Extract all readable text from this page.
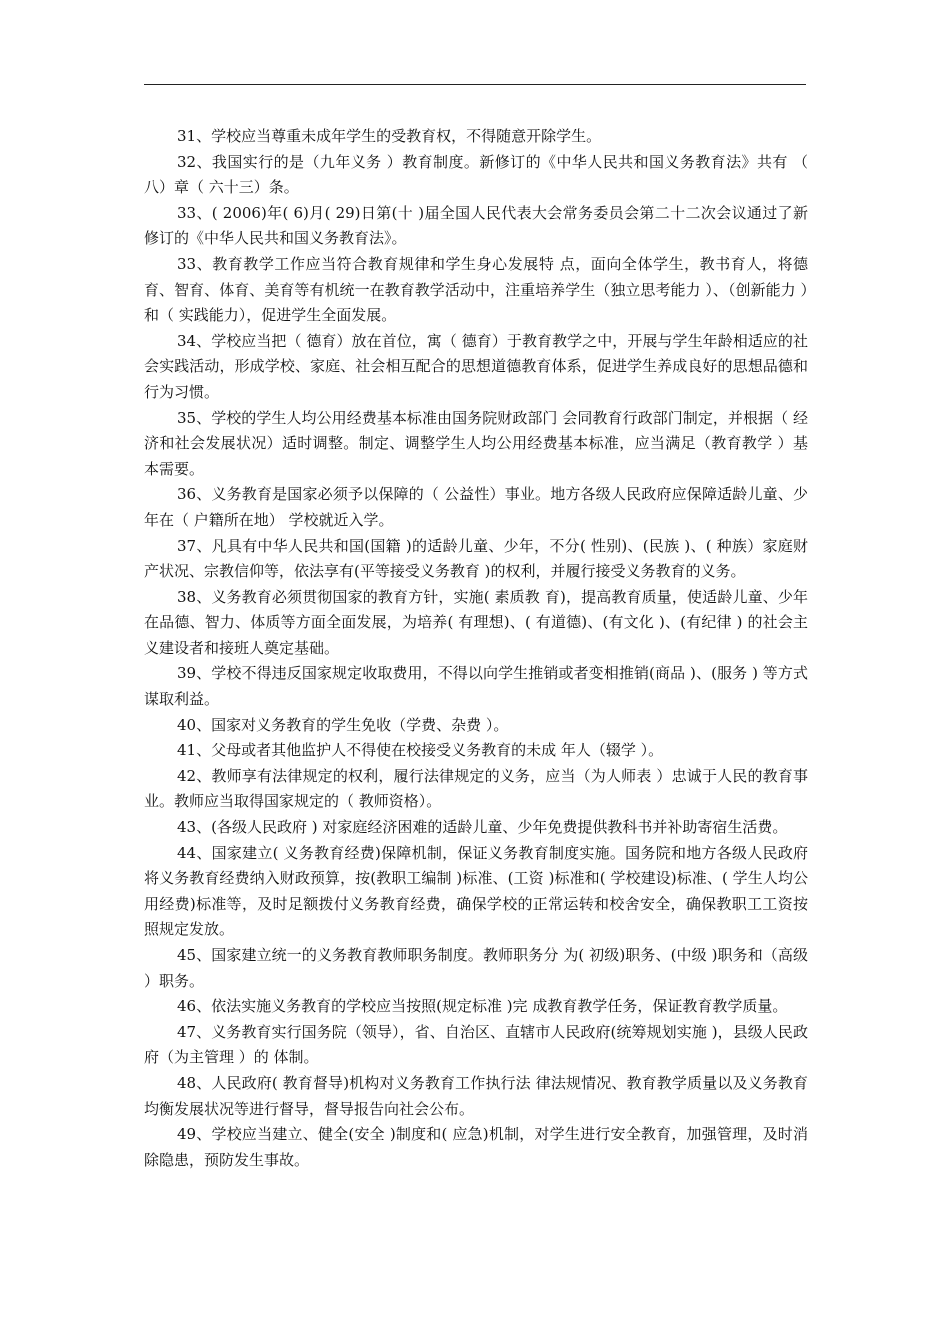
31、学校应当尊重未成年学生的受教育权，不得随意开除学生。

32、我国实行的是（九年义务 ）教育制度。新修订的《中华人民共和国义务教育法》共有 （ 八）章（ 六十三）条。

33、( 2006)年( 6)月( 29)日第(十 )届全国人民代表大会常务委员会第二十二次会议通过了新修订的《中华人民共和国义务教育法》。

33、教育教学工作应当符合教育规律和学生身心发展特 点，面向全体学生，教书育人，将德育、智育、体育、美育等有机统一在教育教学活动中，注重培养学生（独立思考能力 ）、（创新能力 ）和（ 实践能力），促进学生全面发展。

34、学校应当把（ 德育）放在首位，寓（ 德育）于教育教学之中，开展与学生年龄相适应的社会实践活动，形成学校、家庭、社会相互配合的思想道德教育体系，促进学生养成良好的思想品德和行为习惯。

35、学校的学生人均公用经费基本标准由国务院财政部门 会同教育行政部门制定，并根据（ 经济和社会发展状况）适时调整。制定、调整学生人均公用经费基本标准，应当满足（教育教学 ）基本需要。

36、义务教育是国家必须予以保障的（ 公益性）事业。地方各级人民政府应保障适龄儿童、少年在（ 户籍所在地） 学校就近入学。

37、凡具有中华人民共和国(国籍 )的适龄儿童、少年，不分( 性别)、(民族 )、( 种族）家庭财产状况、宗教信仰等，依法享有(平等接受义务教育 )的权利，并履行接受义务教育的义务。

38、义务教育必须贯彻国家的教育方针，实施( 素质教 育)，提高教育质量，使适龄儿童、少年在品德、智力、体质等方面全面发展，为培养( 有理想)、( 有道德)、(有文化 )、(有纪律 ) 的社会主义建设者和接班人奠定基础。

39、学校不得违反国家规定收取费用，不得以向学生推销或者变相推销(商品 )、(服务 ) 等方式谋取利益。

40、国家对义务教育的学生免收（学费、杂费 ）。

41、父母或者其他监护人不得使在校接受义务教育的未成 年人（辍学 ）。

42、教师享有法律规定的权利，履行法律规定的义务，应当（为人师表 ）忠诚于人民的教育事业。教师应当取得国家规定的（ 教师资格）。

43、(各级人民政府 ) 对家庭经济困难的适龄儿童、少年免费提供教科书并补助寄宿生活费。

44、国家建立( 义务教育经费)保障机制，保证义务教育制度实施。国务院和地方各级人民政府将义务教育经费纳入财政预算，按(教职工编制 )标准、(工资 )标准和( 学校建设)标准、( 学生人均公用经费)标准等，及时足额拨付义务教育经费，确保学校的正常运转和校舍安全，确保教职工工资按照规定发放。

45、国家建立统一的义务教育教师职务制度。教师职务分 为( 初级)职务、(中级 )职务和（高级 ）职务。

46、依法实施义务教育的学校应当按照(规定标准 )完 成教育教学任务，保证教育教学质量。

47、义务教育实行国务院（领导），省、自治区、直辖市人民政府(统筹规划实施 )，县级人民政府（为主管理 ）的 体制。

48、人民政府( 教育督导)机构对义务教育工作执行法 律法规情况、教育教学质量以及义务教育均衡发展状况等进行督导，督导报告向社会公布。

49、学校应当建立、健全(安全 )制度和( 应急)机制，对学生进行安全教育，加强管理，及时消除隐患，预防发生事故。
